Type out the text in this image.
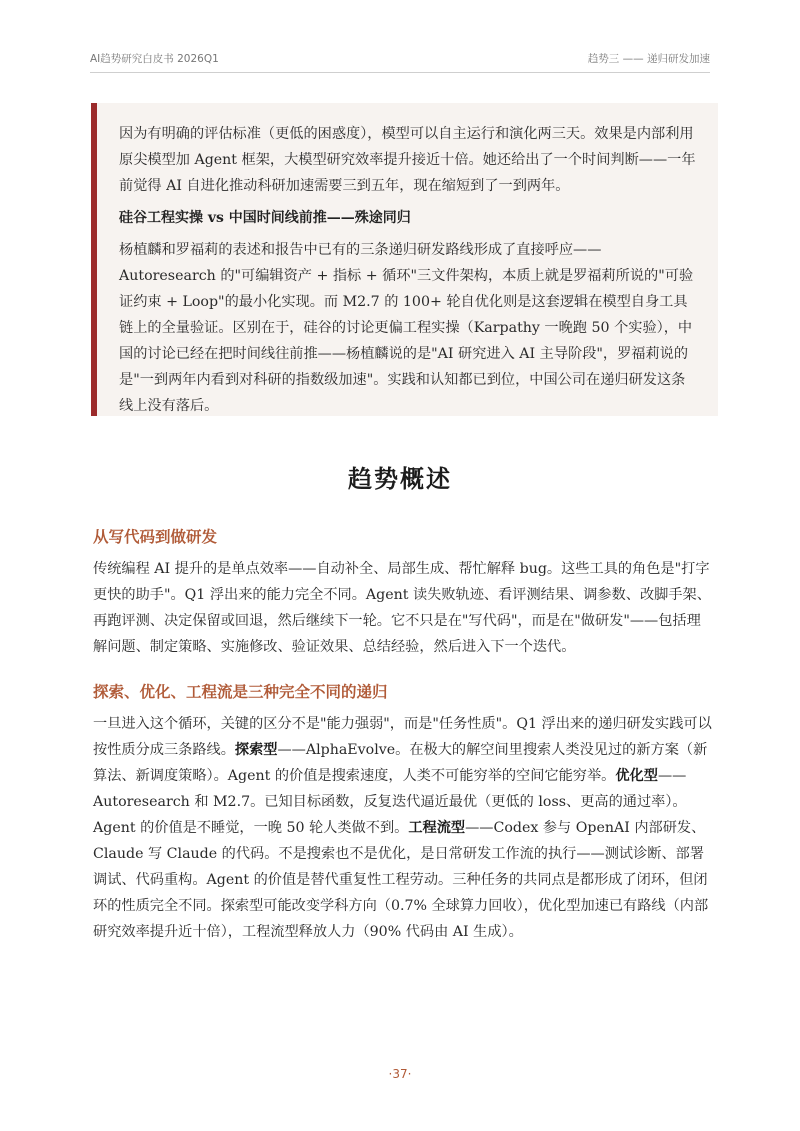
AI趋势研究白皮书 2026Q1	趋势三 —— 递归研发加速

因为有明确的评估标准（更低的困惑度），模型可以自主运行和演化两三天。效果是内部利用原尖模型加 Agent 框架，大模型研究效率提升接近十倍。她还给出了一个时间判断——一年前觉得 AI 自进化推动科研加速需要三到五年，现在缩短到了一到两年。

硅谷工程实操 vs 中国时间线前推——殊途同归

杨植麟和罗福莉的表述和报告中已有的三条递归研发路线形成了直接呼应——Autoresearch 的"可编辑资产 + 指标 + 循环"三文件架构，本质上就是罗福莉所说的"可验证约束 + Loop"的最小化实现。而 M2.7 的 100+ 轮自优化则是这套逻辑在模型自身工具链上的全量验证。区别在于，硅谷的讨论更偏工程实操（Karpathy 一晚跑 50 个实验），中国的讨论已经在把时间线往前推——杨植麟说的是"AI 研究进入 AI 主导阶段"，罗福莉说的是"一到两年内看到对科研的指数级加速"。实践和认知都已到位，中国公司在递归研发这条线上没有落后。

趋势概述
从写代码到做研发

传统编程 AI 提升的是单点效率——自动补全、局部生成、帮忙解释 bug。这些工具的角色是"打字更快的助手"。Q1 浮出来的能力完全不同。Agent 读失败轨迹、看评测结果、调参数、改脚手架、再跑评测、决定保留或回退，然后继续下一轮。它不只是在"写代码"，而是在"做研发"——包括理解问题、制定策略、实施修改、验证效果、总结经验，然后进入下一个迭代。

探索、优化、工程流是三种完全不同的递归

一旦进入这个循环，关键的区分不是"能力强弱"，而是"任务性质"。Q1 浮出来的递归研发实践可以按性质分成三条路线。探索型——AlphaEvolve。在极大的解空间里搜索人类没见过的新方案（新算法、新调度策略）。Agent 的价值是搜索速度，人类不可能穷举的空间它能穷举。优化型——Autoresearch 和 M2.7。已知目标函数，反复迭代逼近最优（更低的 loss、更高的通过率）。Agent 的价值是不睡觉，一晚 50 轮人类做不到。工程流型——Codex 参与 OpenAI 内部研发、Claude 写 Claude 的代码。不是搜索也不是优化，是日常研发工作流的执行——测试诊断、部署调试、代码重构。Agent 的价值是替代重复性工程劳动。三种任务的共同点是都形成了闭环，但闭环的性质完全不同。探索型可能改变学科方向（0.7% 全球算力回收），优化型加速已有路线（内部研究效率提升近十倍），工程流型释放人力（90% 代码由 AI 生成）。

·37·
